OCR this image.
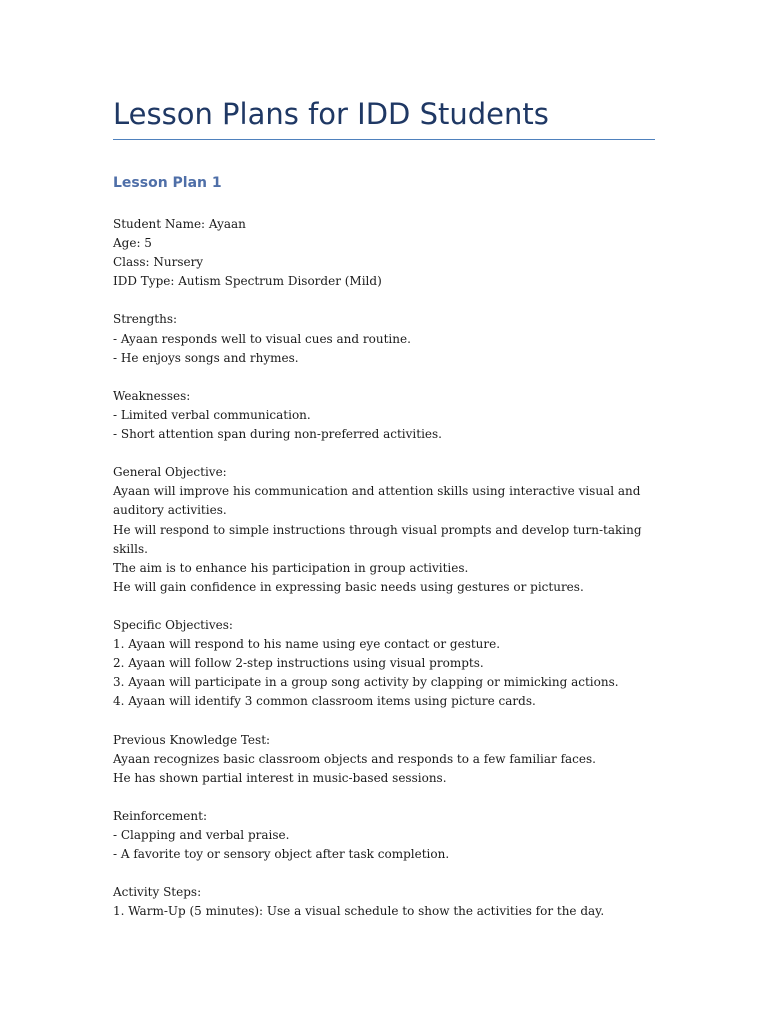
Lesson Plans for IDD Students
Lesson Plan 1
Student Name: Ayaan
Age: 5
Class: Nursery
IDD Type: Autism Spectrum Disorder (Mild)
Strengths:
- Ayaan responds well to visual cues and routine.
- He enjoys songs and rhymes.
Weaknesses:
- Limited verbal communication.
- Short attention span during non-preferred activities.
General Objective:
Ayaan will improve his communication and attention skills using interactive visual and
auditory activities.
He will respond to simple instructions through visual prompts and develop turn-taking
skills.
The aim is to enhance his participation in group activities.
He will gain confidence in expressing basic needs using gestures or pictures.
Specific Objectives:
1. Ayaan will respond to his name using eye contact or gesture.
2. Ayaan will follow 2-step instructions using visual prompts.
3. Ayaan will participate in a group song activity by clapping or mimicking actions.
4. Ayaan will identify 3 common classroom items using picture cards.
Previous Knowledge Test:
Ayaan recognizes basic classroom objects and responds to a few familiar faces.
He has shown partial interest in music-based sessions.
Reinforcement:
- Clapping and verbal praise.
- A favorite toy or sensory object after task completion.
Activity Steps:
1. Warm-Up (5 minutes): Use a visual schedule to show the activities for the day.
